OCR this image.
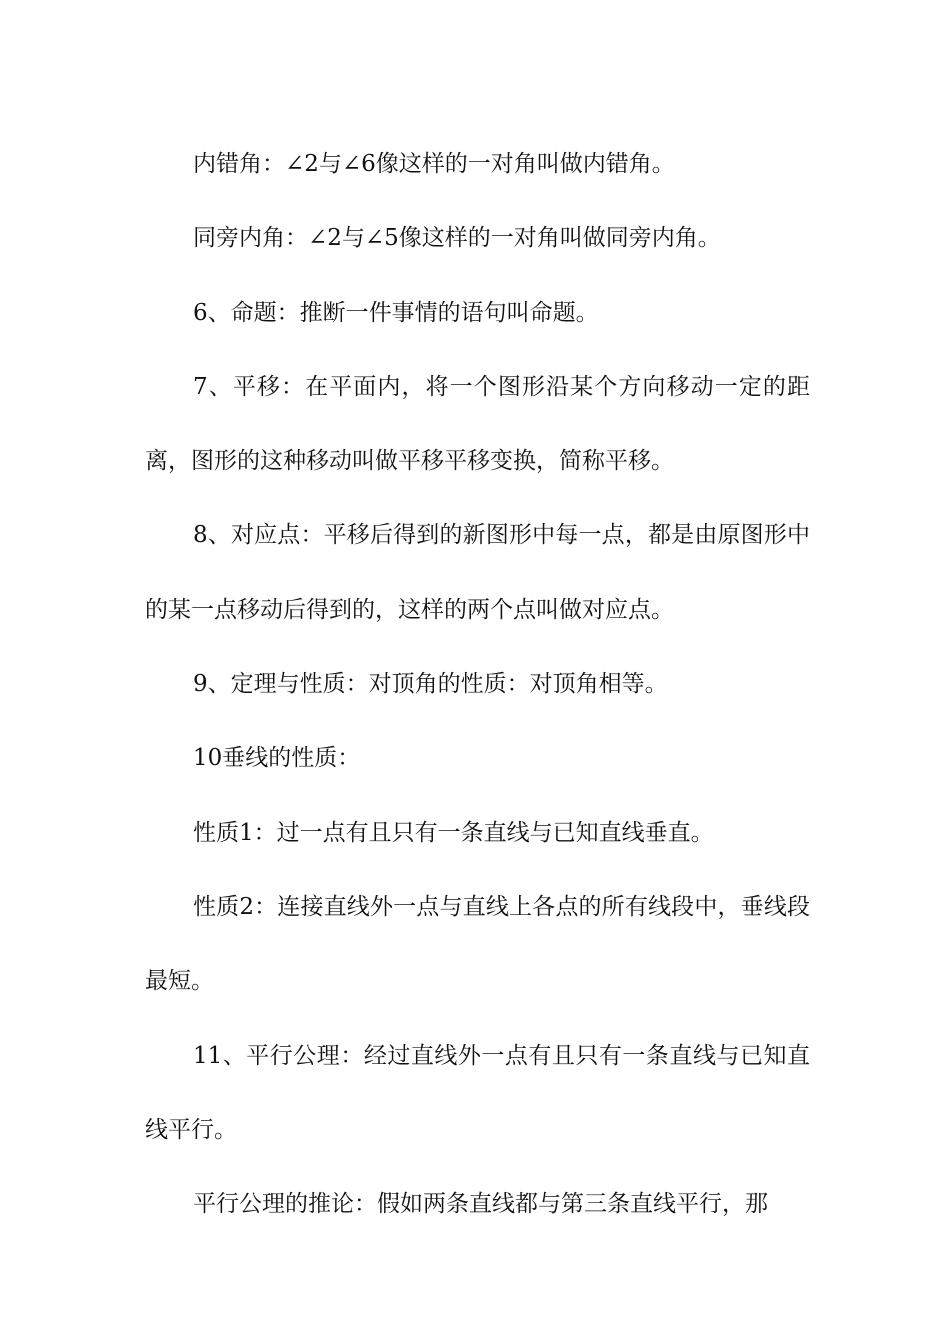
内错角：∠2与∠6像这样的一对角叫做内错角。

同旁内角：∠2与∠5像这样的一对角叫做同旁内角。

6、命题：推断一件事情的语句叫命题。

7、平移：在平面内，将一个图形沿某个方向移动一定的距离，图形的这种移动叫做平移平移变换，简称平移。

8、对应点：平移后得到的新图形中每一点，都是由原图形中的某一点移动后得到的，这样的两个点叫做对应点。

9、定理与性质：对顶角的性质：对顶角相等。

10垂线的性质：

性质1：过一点有且只有一条直线与已知直线垂直。

性质2：连接直线外一点与直线上各点的所有线段中，垂线段最短。

11、平行公理：经过直线外一点有且只有一条直线与已知直线平行。

平行公理的推论：假如两条直线都与第三条直线平行，那
